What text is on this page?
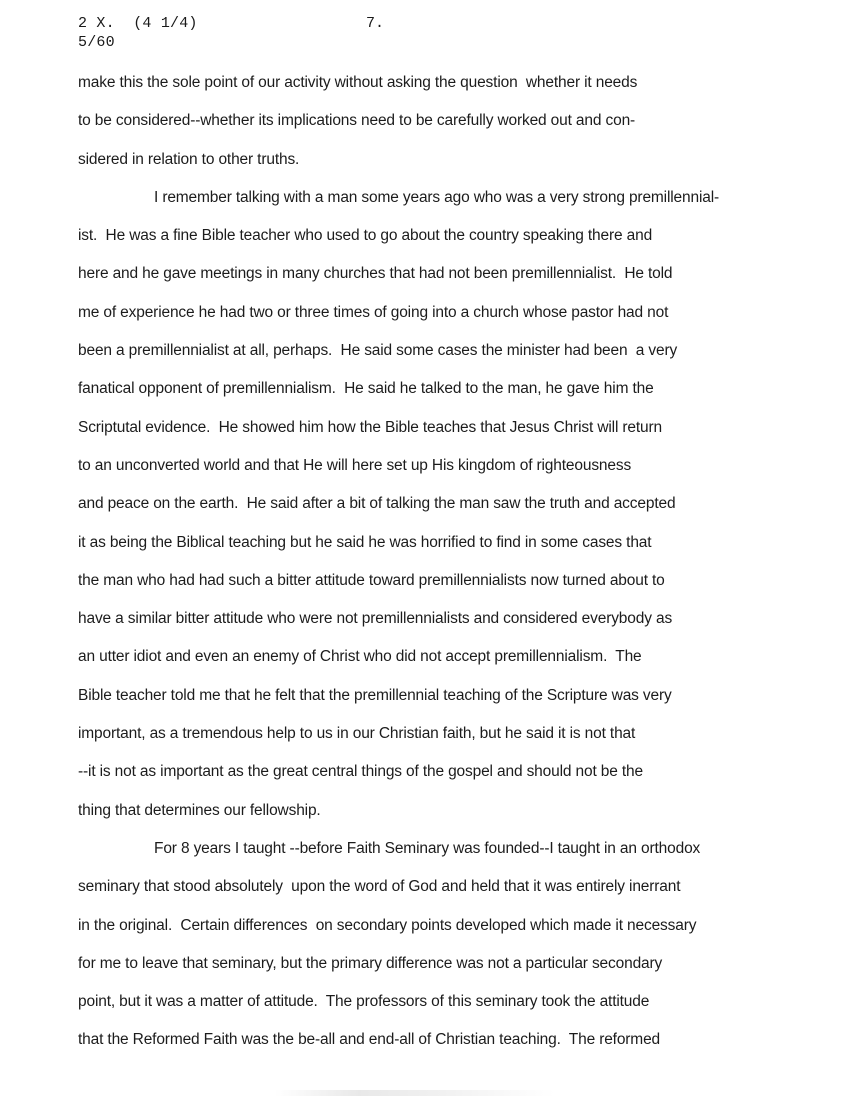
2 X.  (4 1/4)
5/60
7.
make this the sole point of our activity without asking the question  whether it needs
to be considered--whether its implications need to be carefully worked out and con-
sidered in relation to other truths.
I remember talking with a man some years ago who was a very strong premillennial-
ist.  He was a fine Bible teacher who used to go about the country speaking there and
here and he gave meetings in many churches that had not been premillennialist.  He told
me of experience he had two or three times of going into a church whose pastor had not
been a premillennialist at all, perhaps.  He said some cases the minister had been  a very
fanatical opponent of premillennialism.  He said he talked to the man, he gave him the
Scriptutal evidence.  He showed him how the Bible teaches that Jesus Christ will return
to an unconverted world and that He will here set up His kingdom of righteousness
and peace on the earth.  He said after a bit of talking the man saw the truth and accepted
it as being the Biblical teaching but he said he was horrified to find in some cases that
the man who had had such a bitter attitude toward premillennialists now turned about to
have a similar bitter attitude who were not premillennialists and considered everybody as
an utter idiot and even an enemy of Christ who did not accept premillennialism.  The
Bible teacher told me that he felt that the premillennial teaching of the Scripture was very
important, as a tremendous help to us in our Christian faith, but he said it is not that
--it is not as important as the great central things of the gospel and should not be the
thing that determines our fellowship.
For 8 years I taught --before Faith Seminary was founded--I taught in an orthodox
seminary that stood absolutely  upon the word of God and held that it was entirely inerrant
in the original.  Certain differences  on secondary points developed which made it necessary
for me to leave that seminary, but the primary difference was not a particular secondary
point, but it was a matter of attitude.  The professors of this seminary took the attitude
that the Reformed Faith was the be-all and end-all of Christian teaching.  The reformed
